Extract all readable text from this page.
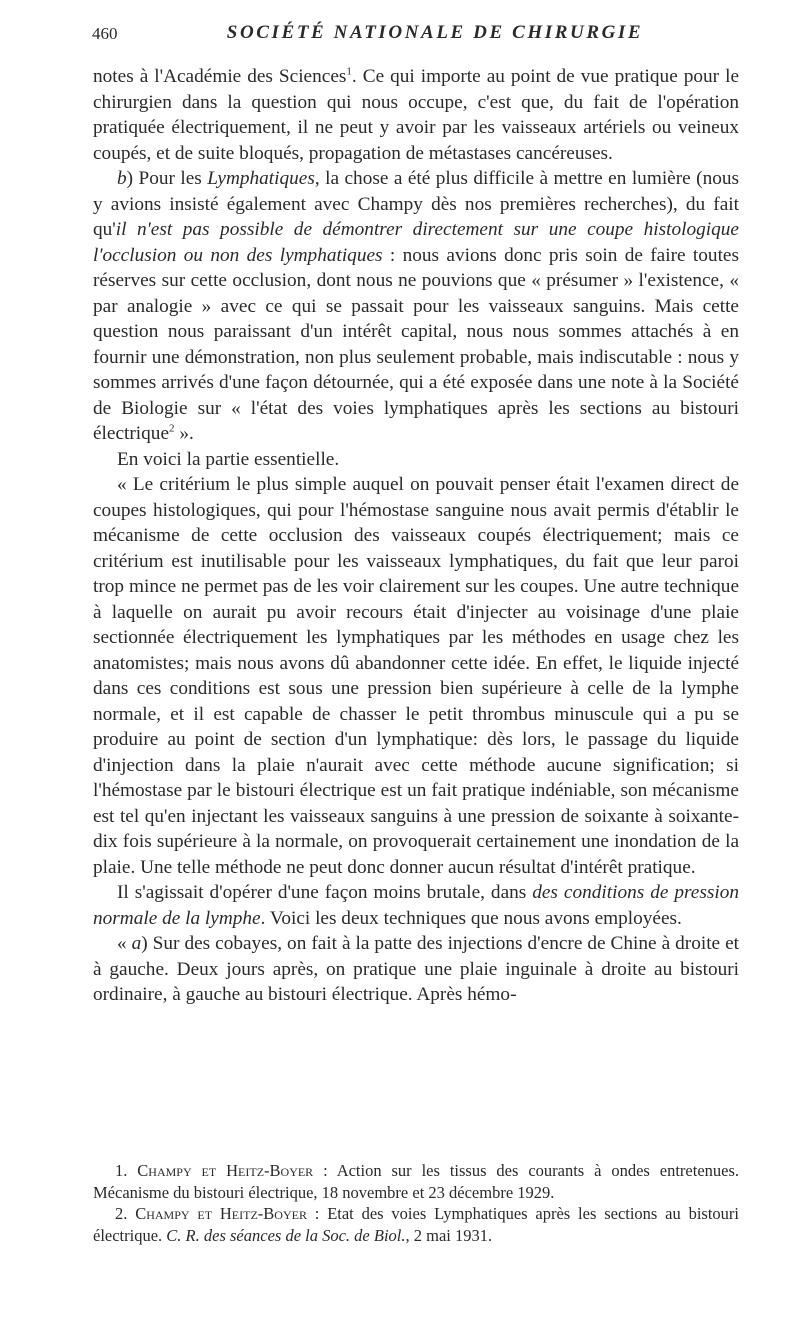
460	SOCIÉTÉ NATIONALE DE CHIRURGIE

notes à l'Académie des Sciences$^1$. Ce qui importe au point de vue pratique pour le chirurgien dans la question qui nous occupe, c'est que, du fait de l'opération pratiquée électriquement, il ne peut y avoir par les vaisseaux artériels ou veineux coupés, et de suite bloqués, propagation de métastases cancéreuses.

b) Pour les Lymphatiques, la chose a été plus difficile à mettre en lumière (nous y avions insisté également avec Champy dès nos premières recherches), du fait qu'il n'est pas possible de démontrer directement sur une coupe histologique l'occlusion ou non des lymphatiques : nous avions donc pris soin de faire toutes réserves sur cette occlusion, dont nous ne pouvions que « présumer » l'existence, « par analogie » avec ce qui se passait pour les vaisseaux sanguins. Mais cette question nous paraissant d'un intérêt capital, nous nous sommes attachés à en fournir une démonstration, non plus seulement probable, mais indiscutable : nous y sommes arrivés d'une façon détournée, qui a été exposée dans une note à la Société de Biologie sur « l'état des voies lymphatiques après les sections au bistouri électrique$^2$ ».

En voici la partie essentielle.

« Le critérium le plus simple auquel on pouvait penser était l'examen direct de coupes histologiques, qui pour l'hémostase sanguine nous avait permis d'établir le mécanisme de cette occlusion des vaisseaux coupés électriquement; mais ce critérium est inutilisable pour les vaisseaux lymphatiques, du fait que leur paroi trop mince ne permet pas de les voir clairement sur les coupes. Une autre technique à laquelle on aurait pu avoir recours était d'injecter au voisinage d'une plaie sectionnée électriquement les lymphatiques par les méthodes en usage chez les anatomistes; mais nous avons dû abandonner cette idée. En effet, le liquide injecté dans ces conditions est sous une pression bien supérieure à celle de la lymphe normale, et il est capable de chasser le petit thrombus minuscule qui a pu se produire au point de section d'un lymphatique: dès lors, le passage du liquide d'injection dans la plaie n'aurait avec cette méthode aucune signification; si l'hémostase par le bistouri électrique est un fait pratique indéniable, son mécanisme est tel qu'en injectant les vaisseaux sanguins à une pression de soixante à soixante-dix fois supérieure à la normale, on provoquerait certainement une inondation de la plaie. Une telle méthode ne peut donc donner aucun résultat d'intérêt pratique.

Il s'agissait d'opérer d'une façon moins brutale, dans des conditions de pression normale de la lymphe. Voici les deux techniques que nous avons employées.

« a) Sur des cobayes, on fait à la patte des injections d'encre de Chine à droite et à gauche. Deux jours après, on pratique une plaie inguinale à droite au bistouri ordinaire, à gauche au bistouri électrique. Après hémo-

1. Champy et Heitz-Boyer : Action sur les tissus des courants à ondes entretenues. Mécanisme du bistouri électrique, 18 novembre et 23 décembre 1929.

2. Champy et Heitz-Boyer : Etat des voies Lymphatiques après les sections au bistouri électrique. C. R. des séances de la Soc. de Biol., 2 mai 1931.
